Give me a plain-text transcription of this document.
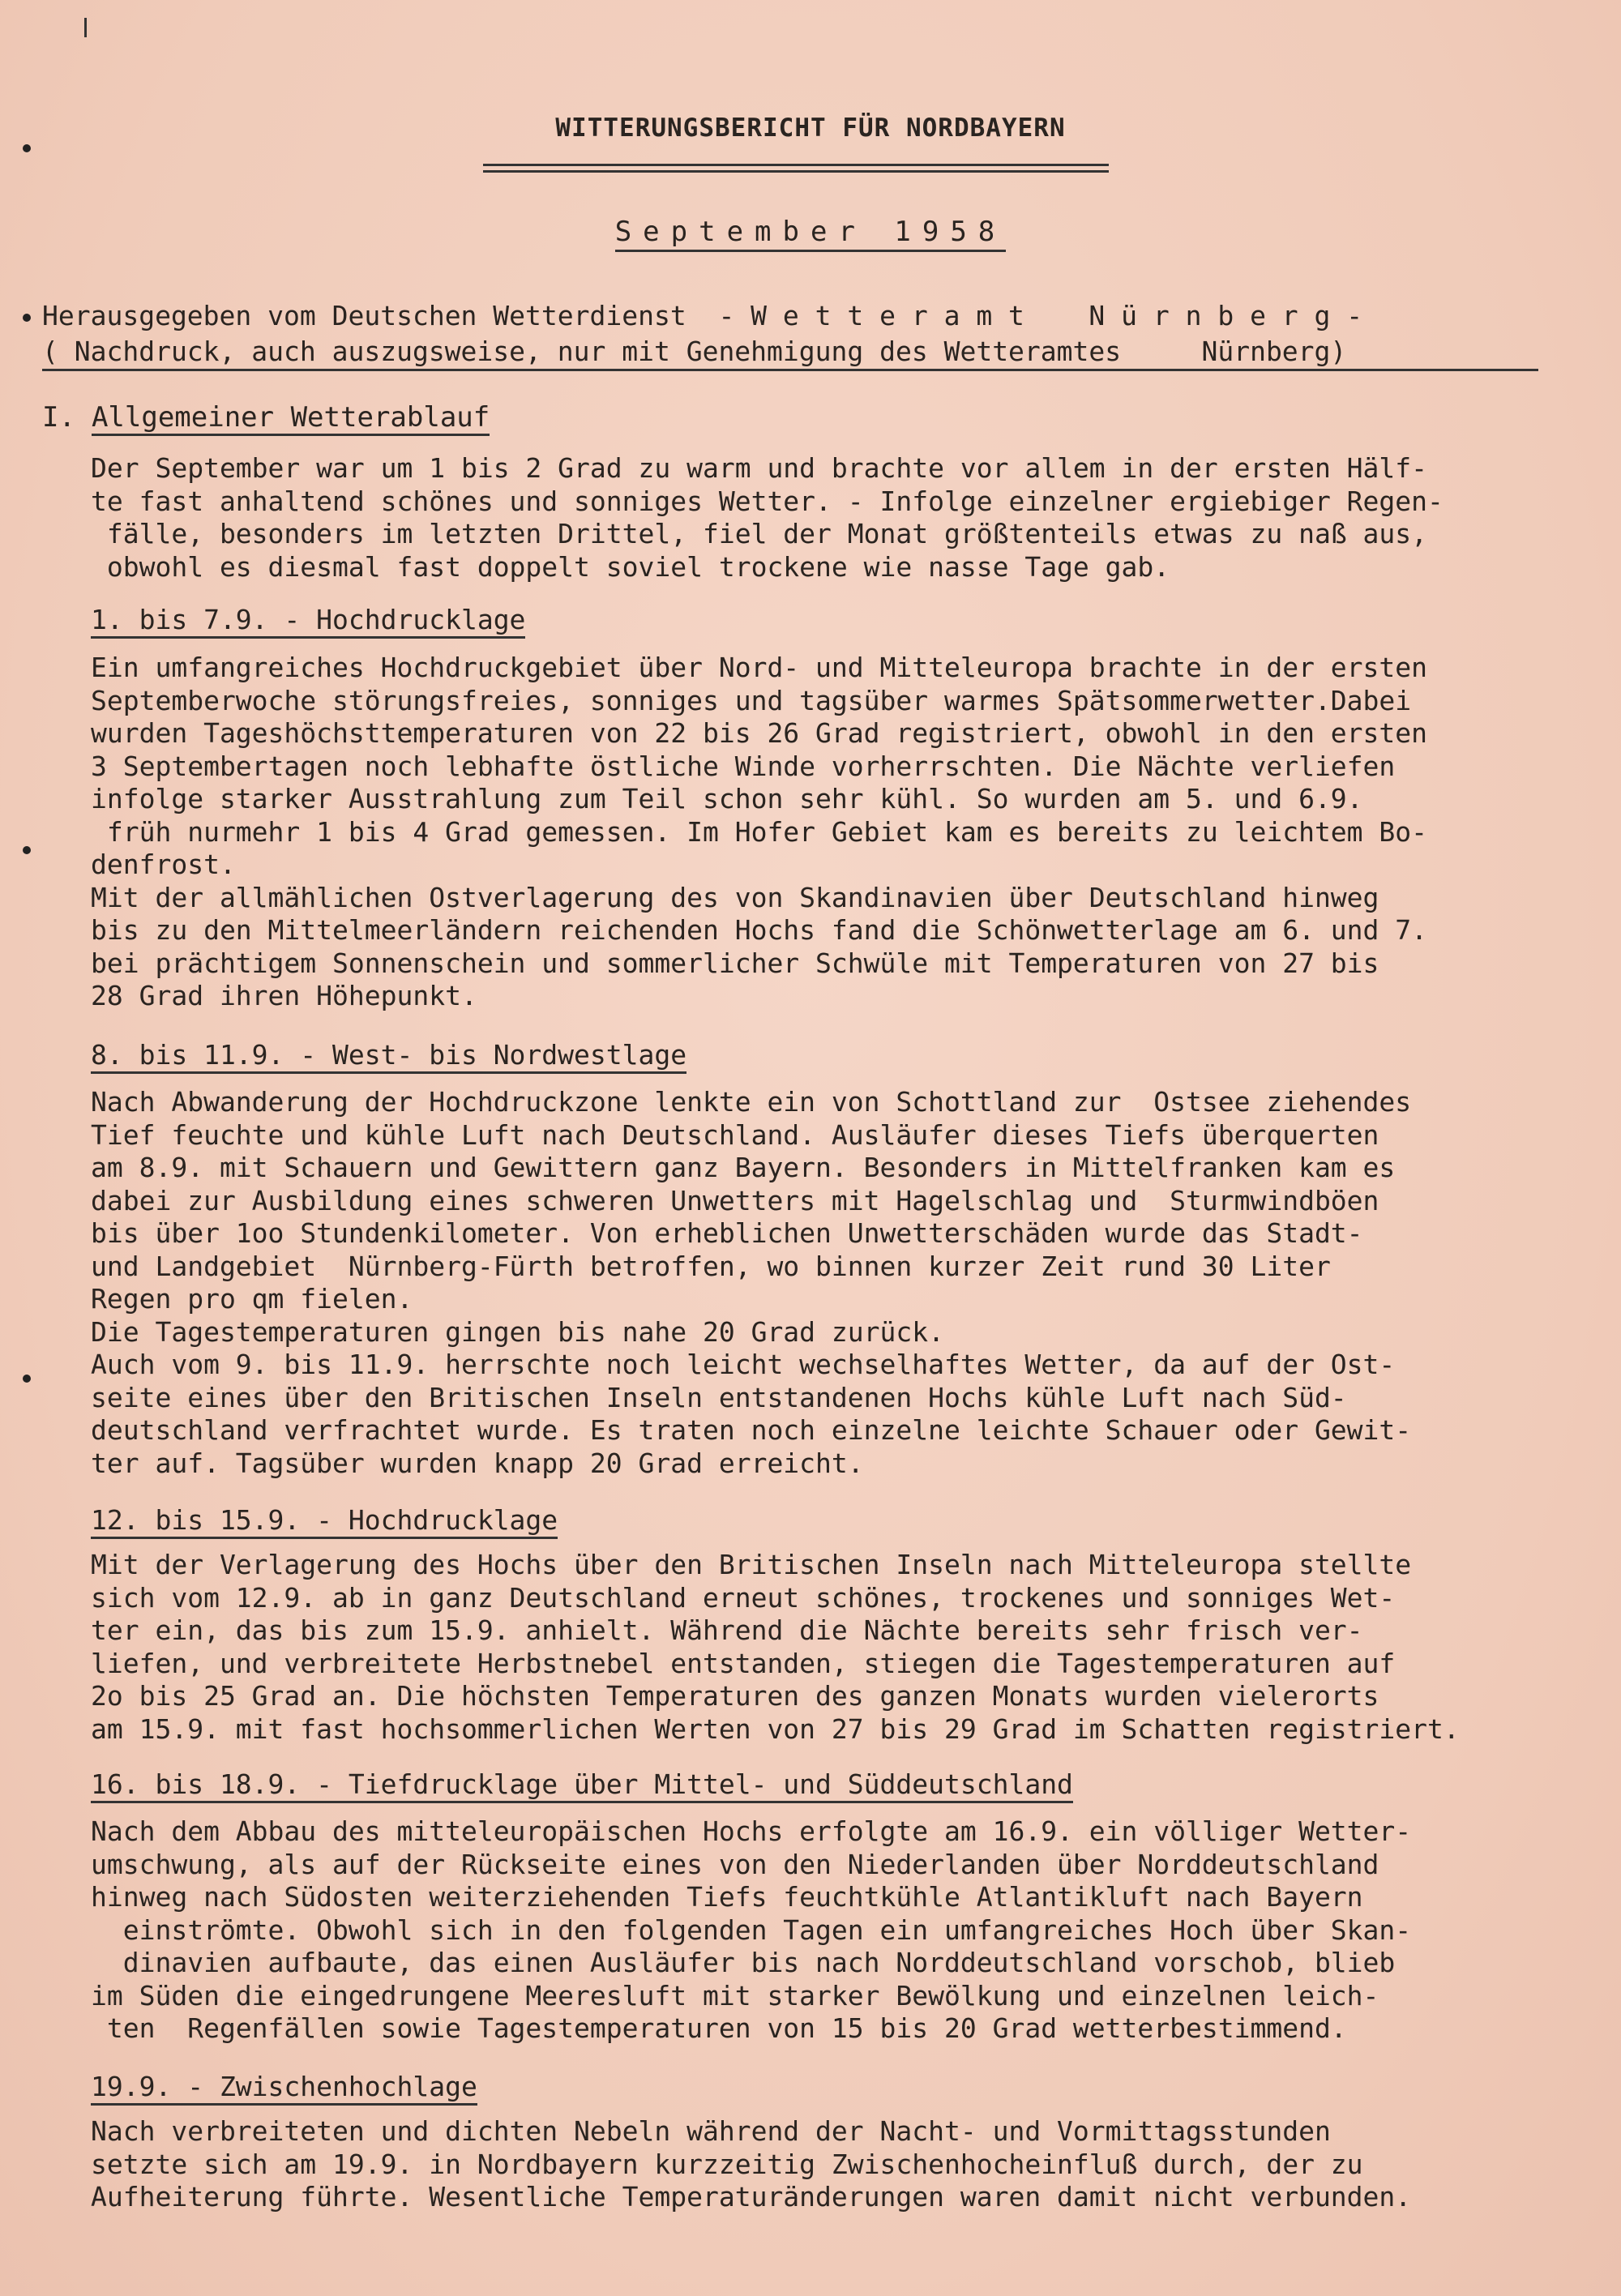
WITTERUNGSBERICHT FÜR NORDBAYERN
September 1958
Herausgegeben vom Deutschen Wetterdienst  - W e t t e r a m t    N ü r n b e r g -
( Nachdruck, auch auszugsweise, nur mit Genehmigung des Wetteramtes     Nürnberg)
I. Allgemeiner Wetterablauf
Der September war um 1 bis 2 Grad zu warm und brachte vor allem in der ersten Hälf-
te fast anhaltend schönes und sonniges Wetter. - Infolge einzelner ergiebiger Regen-
fälle, besonders im letzten Drittel, fiel der Monat größtenteils etwas zu naß aus,
obwohl es diesmal fast doppelt soviel trockene wie nasse Tage gab.
1. bis 7.9. - Hochdrucklage
Ein umfangreiches Hochdruckgebiet über Nord- und Mitteleuropa brachte in der ersten
Septemberwoche störungsfreies, sonniges und tagsüber warmes Spätsommerwetter.Dabei
wurden Tageshöchsttemperaturen von 22 bis 26 Grad registriert, obwohl in den ersten
3 Septembertagen noch lebhafte östliche Winde vorherrschten. Die Nächte verliefen
infolge starker Ausstrahlung zum Teil schon sehr kühl. So wurden am 5. und 6.9.
früh nurmehr 1 bis 4 Grad gemessen. Im Hofer Gebiet kam es bereits zu leichtem Bo-
denfrost.
Mit der allmählichen Ostverlagerung des von Skandinavien über Deutschland hinweg
bis zu den Mittelmeerländern reichenden Hochs fand die Schönwetterlage am 6. und 7.
bei prächtigem Sonnenschein und sommerlicher Schwüle mit Temperaturen von 27 bis
28 Grad ihren Höhepunkt.
8. bis 11.9. - West- bis Nordwestlage
Nach Abwanderung der Hochdruckzone lenkte ein von Schottland zur  Ostsee ziehendes
Tief feuchte und kühle Luft nach Deutschland. Ausläufer dieses Tiefs überquerten
am 8.9. mit Schauern und Gewittern ganz Bayern. Besonders in Mittelfranken kam es
dabei zur Ausbildung eines schweren Unwetters mit Hagelschlag und  Sturmwindböen
bis über 1oo Stundenkilometer. Von erheblichen Unwetterschäden wurde das Stadt-
und Landgebiet  Nürnberg-Fürth betroffen, wo binnen kurzer Zeit rund 30 Liter
Regen pro qm fielen.
Die Tagestemperaturen gingen bis nahe 20 Grad zurück.
Auch vom 9. bis 11.9. herrschte noch leicht wechselhaftes Wetter, da auf der Ost-
seite eines über den Britischen Inseln entstandenen Hochs kühle Luft nach Süd-
deutschland verfrachtet wurde. Es traten noch einzelne leichte Schauer oder Gewit-
ter auf. Tagsüber wurden knapp 20 Grad erreicht.
12. bis 15.9. - Hochdrucklage
Mit der Verlagerung des Hochs über den Britischen Inseln nach Mitteleuropa stellte
sich vom 12.9. ab in ganz Deutschland erneut schönes, trockenes und sonniges Wet-
ter ein, das bis zum 15.9. anhielt. Während die Nächte bereits sehr frisch ver-
liefen, und verbreitete Herbstnebel entstanden, stiegen die Tagestemperaturen auf
2o bis 25 Grad an. Die höchsten Temperaturen des ganzen Monats wurden vielerorts
am 15.9. mit fast hochsommerlichen Werten von 27 bis 29 Grad im Schatten registriert.
16. bis 18.9. - Tiefdrucklage über Mittel- und Süddeutschland
Nach dem Abbau des mitteleuropäischen Hochs erfolgte am 16.9. ein völliger Wetter-
umschwung, als auf der Rückseite eines von den Niederlanden über Norddeutschland
hinweg nach Südosten weiterziehenden Tiefs feuchtkühle Atlantikluft nach Bayern
einströmte. Obwohl sich in den folgenden Tagen ein umfangreiches Hoch über Skan-
dinavien aufbaute, das einen Ausläufer bis nach Norddeutschland vorschob, blieb
im Süden die eingedrungene Meeresluft mit starker Bewölkung und einzelnen leich-
ten  Regenfällen sowie Tagestemperaturen von 15 bis 20 Grad wetterbestimmend.
19.9. - Zwischenhochlage
Nach verbreiteten und dichten Nebeln während der Nacht- und Vormittagsstunden
setzte sich am 19.9. in Nordbayern kurzzeitig Zwischenhocheinfluß durch, der zu
Aufheiterung führte. Wesentliche Temperaturänderungen waren damit nicht verbunden.
